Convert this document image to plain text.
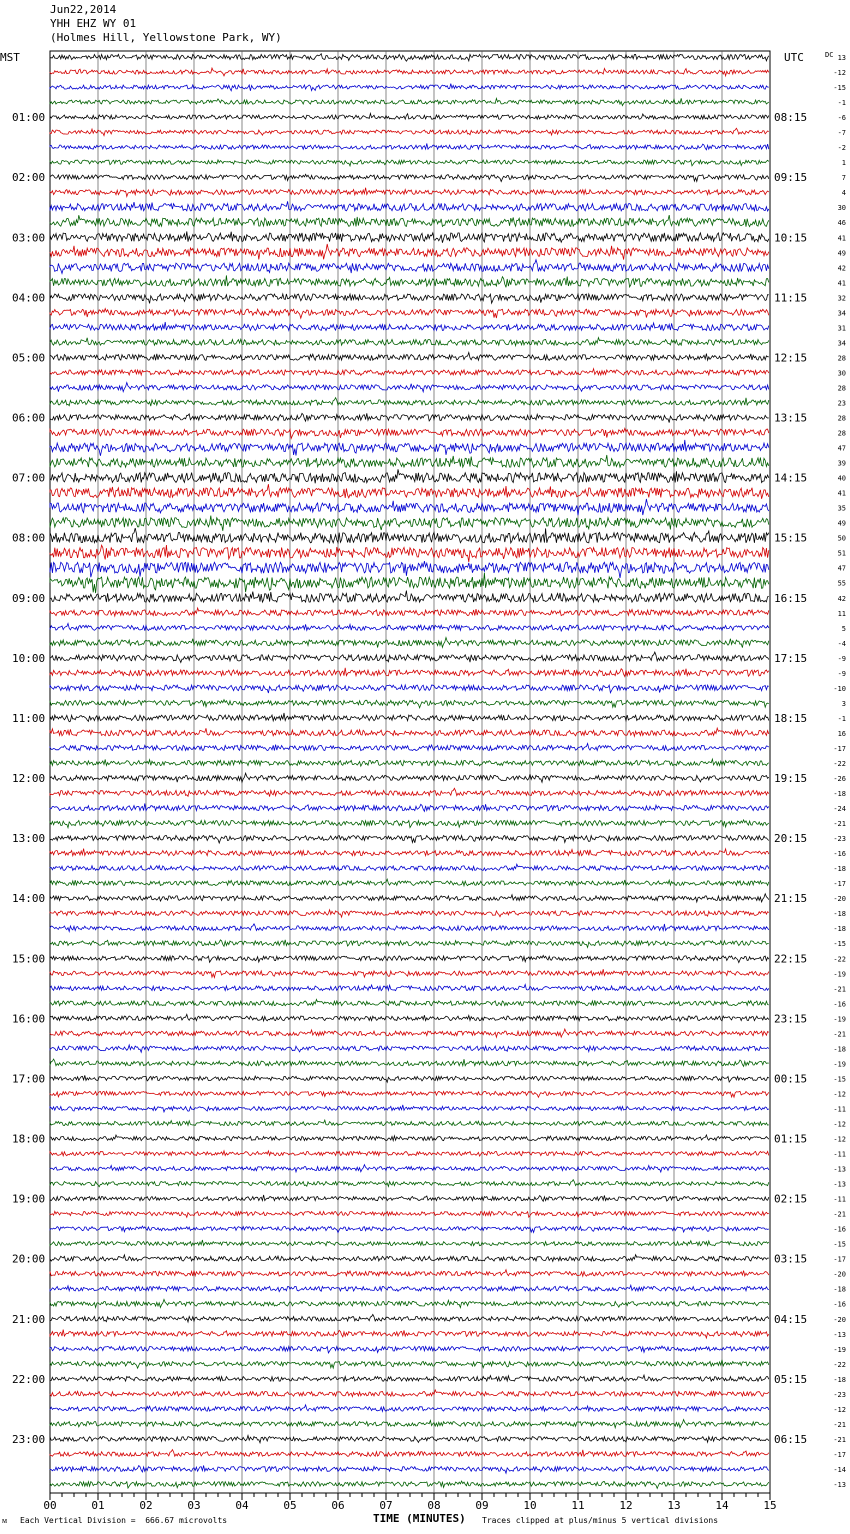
Jun22,2014
YHH EHZ WY 01
(Holmes Hill, Yellowstone Park, WY)
01:00
02:00
03:00
04:00
05:00
06:00
07:00
08:00
09:00
10:00
11:00
12:00
13:00
14:00
15:00
16:00
17:00
18:00
19:00
20:00
21:00
22:00
23:00
08:15
09:15
10:15
11:15
12:15
13:15
14:15
15:15
16:15
17:15
18:15
19:15
20:15
21:15
22:15
23:15
00:15
01:15
02:15
03:15
04:15
05:15
06:15
MST	UTC	DC 13
-12
-15
-1
-6
-7
-2
1
7
4
30
46
41
49
42
41
32
34
31
34
28
30
28
23
28
28
47
39
40
41
35
49
50
51
47
55
42
11
5
-4
-9
-9
-10
3
-1
16
-17
-22
-26
-18
-24
-21
-23
-16
-18
-17
-20
-18
-18
-15
-22
-19
-21
-16
-19
-21
-18
-19
-15
-12
-11
-12
-12
-11
-13
-13
-11
-21
-16
-15
-17
-20
-18
-16
-20
-13
-19
-22
-18
-23
-12
-21
-21
-17
-14
-13
00	01	02	03	04	05	06	07	08	09	10	11	12	13	14	15
TIME (MINUTES)
ᴍ Each Vertical Division =  666.67 microvolts	Traces clipped at plus/minus 5 vertical divisions
